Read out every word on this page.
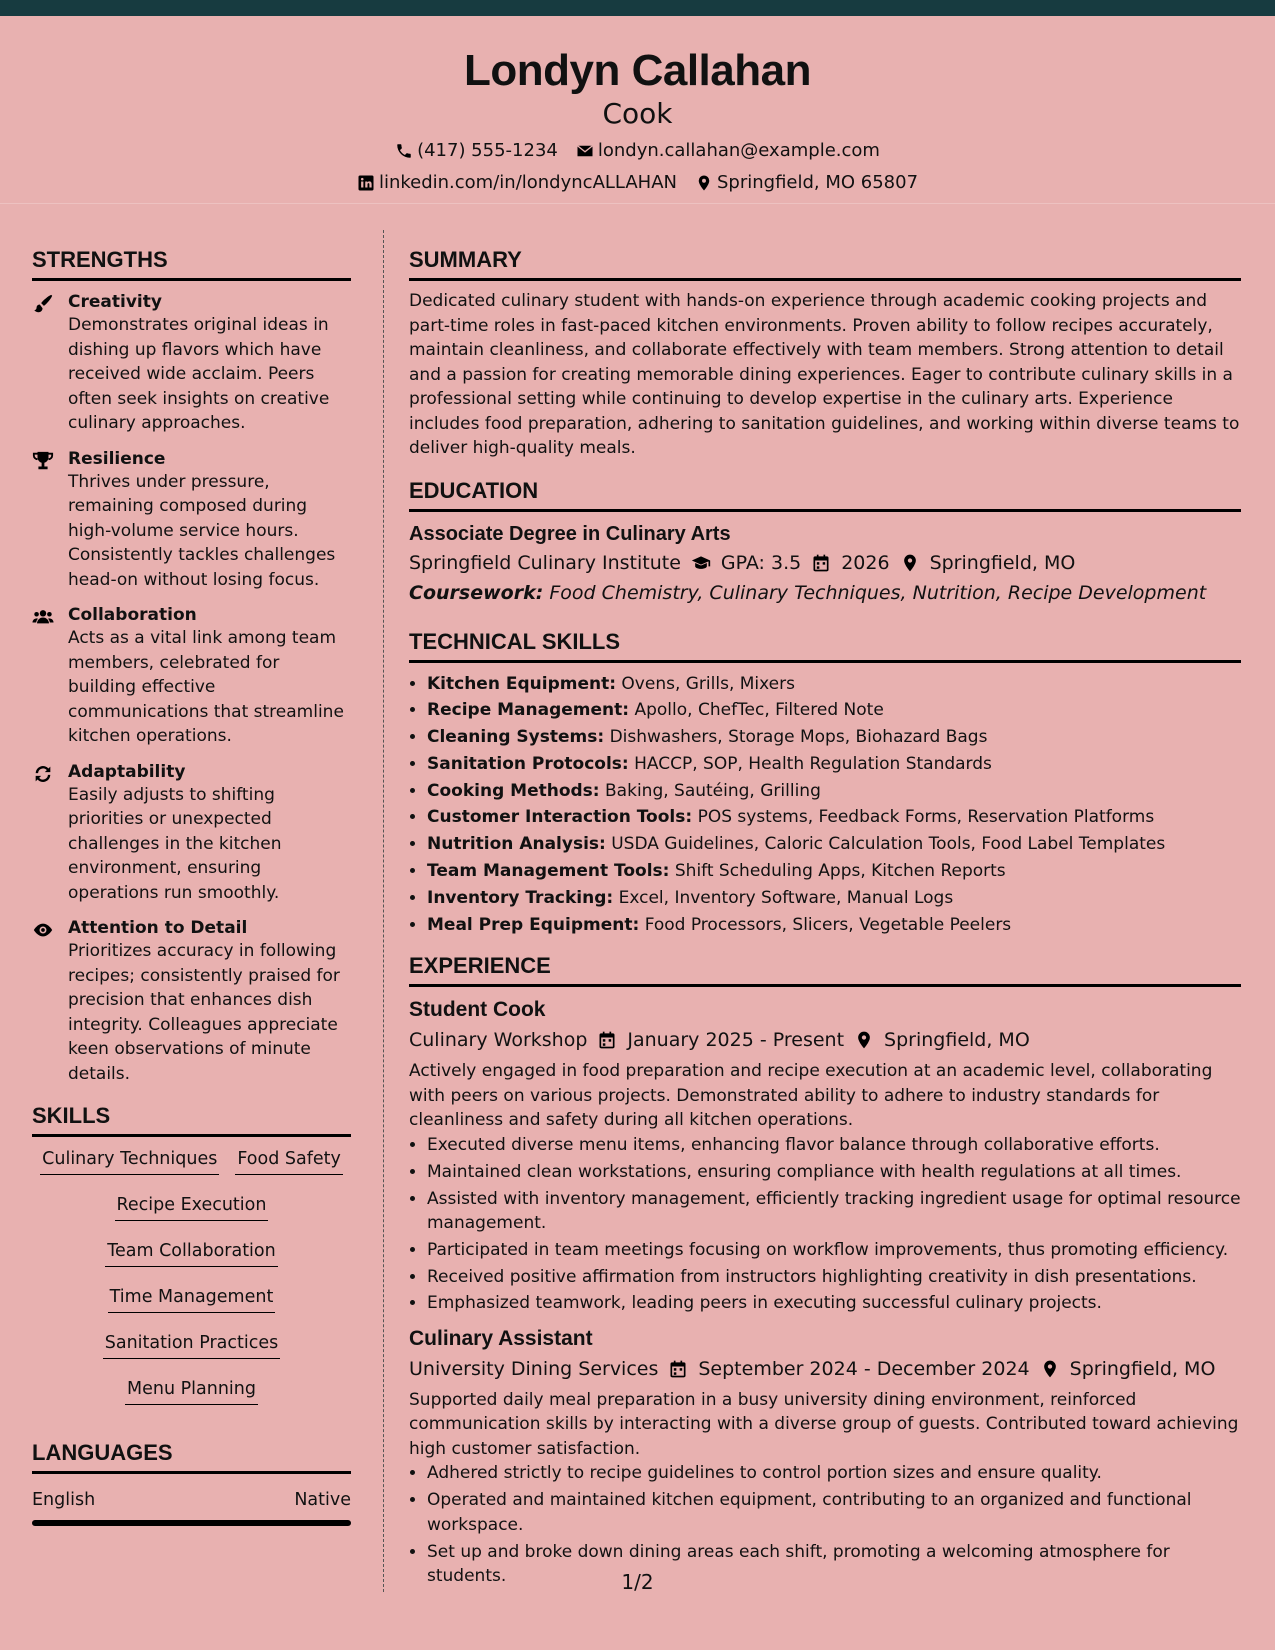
Londyn Callahan
Cook
(417) 555-1234 londyn.callahan@example.com
linkedin.com/in/londyncALLAHAN Springfield, MO 65807
STRENGTHS
Creativity
Demonstrates original ideas in dishing up flavors which have received wide acclaim. Peers often seek insights on creative culinary approaches.
Resilience
Thrives under pressure, remaining composed during high-volume service hours. Consistently tackles challenges head-on without losing focus.
Collaboration
Acts as a vital link among team members, celebrated for building effective communications that streamline kitchen operations.
Adaptability
Easily adjusts to shifting priorities or unexpected challenges in the kitchen environment, ensuring operations run smoothly.
Attention to Detail
Prioritizes accuracy in following recipes; consistently praised for precision that enhances dish integrity. Colleagues appreciate keen observations of minute details.
SKILLS
Culinary Techniques Food Safety
Recipe Execution
Team Collaboration
Time Management
Sanitation Practices
Menu Planning
LANGUAGES
English	Native
SUMMARY

Dedicated culinary student with hands-on experience through academic cooking projects and part-time roles in fast-paced kitchen environments. Proven ability to follow recipes accurately, maintain cleanliness, and collaborate effectively with team members. Strong attention to detail and a passion for creating memorable dining experiences. Eager to contribute culinary skills in a professional setting while continuing to develop expertise in the culinary arts. Experience includes food preparation, adhering to sanitation guidelines, and working within diverse teams to deliver high-quality meals.

EDUCATION
Associate Degree in Culinary Arts
Springfield Culinary Institute GPA: 3.5 2026 Springfield, MO
Coursework: Food Chemistry, Culinary Techniques, Nutrition, Recipe Development
TECHNICAL SKILLS
• Kitchen Equipment: Ovens, Grills, Mixers
• Recipe Management: Apollo, ChefTec, Filtered Note
• Cleaning Systems: Dishwashers, Storage Mops, Biohazard Bags
• Sanitation Protocols: HACCP, SOP, Health Regulation Standards
• Cooking Methods: Baking, Sautéing, Grilling
• Customer Interaction Tools: POS systems, Feedback Forms, Reservation Platforms
• Nutrition Analysis: USDA Guidelines, Caloric Calculation Tools, Food Label Templates
• Team Management Tools: Shift Scheduling Apps, Kitchen Reports
• Inventory Tracking: Excel, Inventory Software, Manual Logs
• Meal Prep Equipment: Food Processors, Slicers, Vegetable Peelers
EXPERIENCE
Student Cook
Culinary Workshop January 2025 - Present Springfield, MO

Actively engaged in food preparation and recipe execution at an academic level, collaborating with peers on various projects. Demonstrated ability to adhere to industry standards for cleanliness and safety during all kitchen operations.

• Executed diverse menu items, enhancing flavor balance through collaborative efforts.
• Maintained clean workstations, ensuring compliance with health regulations at all times.
• Assisted with inventory management, efficiently tracking ingredient usage for optimal resource management.
• Participated in team meetings focusing on workflow improvements, thus promoting efficiency.
• Received positive affirmation from instructors highlighting creativity in dish presentations.
• Emphasized teamwork, leading peers in executing successful culinary projects.
Culinary Assistant
University Dining Services September 2024 - December 2024 Springfield, MO

Supported daily meal preparation in a busy university dining environment, reinforced communication skills by interacting with a diverse group of guests. Contributed toward achieving high customer satisfaction.

• Adhered strictly to recipe guidelines to control portion sizes and ensure quality.
• Operated and maintained kitchen equipment, contributing to an organized and functional workspace.
• Set up and broke down dining areas each shift, promoting a welcoming atmosphere for students.	1/2
